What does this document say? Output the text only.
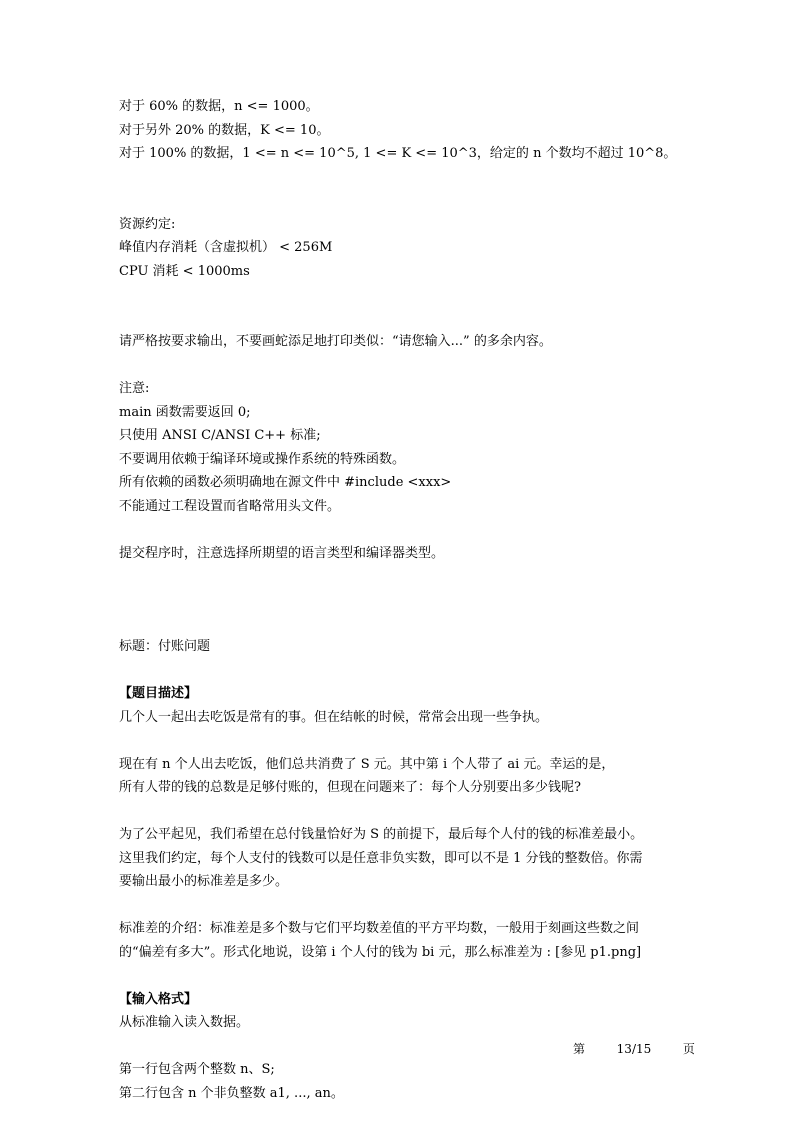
对于 60% 的数据，n <= 1000。
对于另外 20% 的数据，K <= 10。
对于 100% 的数据，1 <= n <= 10^5, 1 <= K <= 10^3，给定的 n 个数均不超过 10^8。
资源约定:
峰值内存消耗（含虚拟机） < 256M
CPU 消耗 < 1000ms
请严格按要求输出，不要画蛇添足地打印类似：“请您输入...” 的多余内容。
注意:
main 函数需要返回 0;
只使用 ANSI C/ANSI C++ 标准;
不要调用依赖于编译环境或操作系统的特殊函数。
所有依赖的函数必须明确地在源文件中 #include <xxx>
不能通过工程设置而省略常用头文件。
提交程序时，注意选择所期望的语言类型和编译器类型。
标题：付账问题
【题目描述】
几个人一起出去吃饭是常有的事。但在结帐的时候，常常会出现一些争执。
现在有 n 个人出去吃饭，他们总共消费了 S 元。其中第 i 个人带了 ai 元。幸运的是，
所有人带的钱的总数是足够付账的，但现在问题来了：每个人分别要出多少钱呢?
为了公平起见，我们希望在总付钱量恰好为 S 的前提下，最后每个人付的钱的标准差最小。
这里我们约定，每个人支付的钱数可以是任意非负实数，即可以不是 1 分钱的整数倍。你需
要输出最小的标准差是多少。
标准差的介绍：标准差是多个数与它们平均数差值的平方平均数，一般用于刻画这些数之间
的“偏差有多大”。形式化地说，设第 i 个人付的钱为 bi 元，那么标准差为 : [参见 p1.png]
【输入格式】
从标准输入读入数据。
第一行包含两个整数 n、S;
第二行包含 n 个非负整数 a1, ..., an。
第	13/15	页
